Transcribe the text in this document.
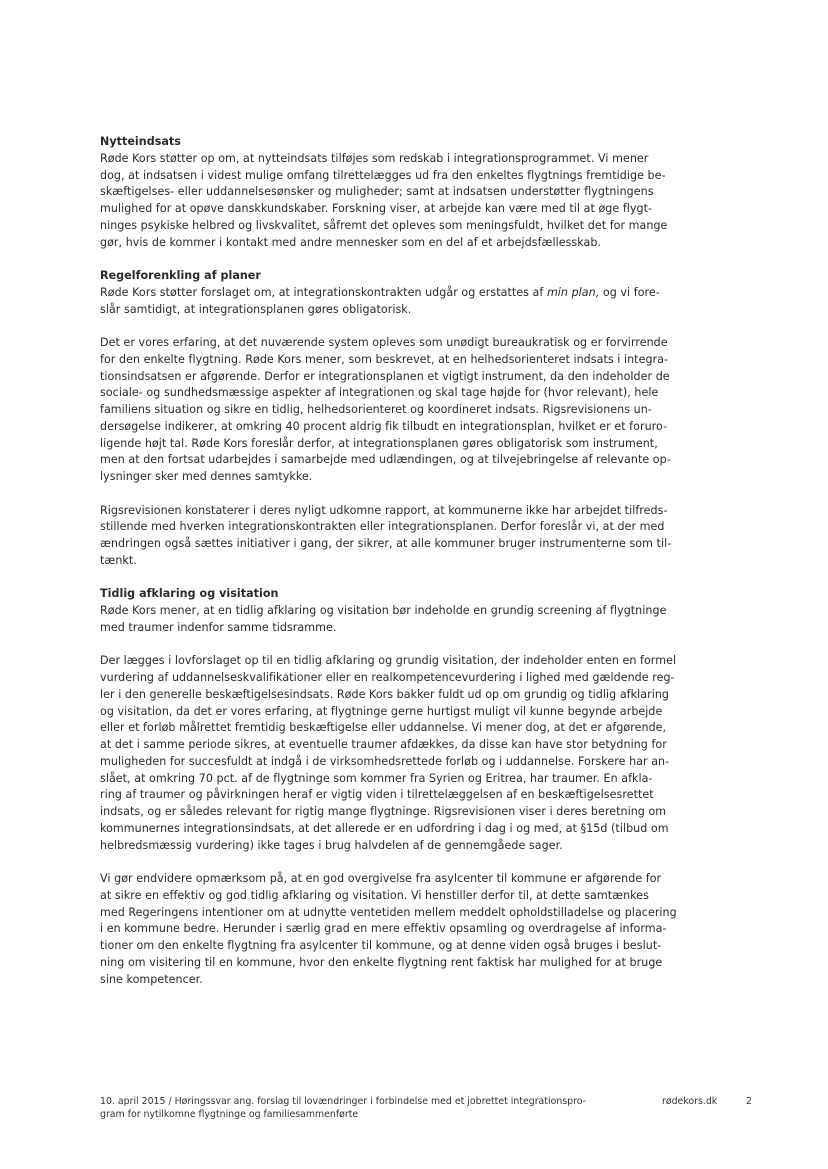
Nytteindsats
Røde Kors støtter op om, at nytteindsats tilføjes som redskab i integrationsprogrammet. Vi mener
dog, at indsatsen i videst mulige omfang tilrettelægges ud fra den enkeltes flygtnings fremtidige be-
skæftigelses- eller uddannelsesønsker og muligheder; samt at indsatsen understøtter flygtningens
mulighed for at opøve danskkundskaber. Forskning viser, at arbejde kan være med til at øge flygt-
ninges psykiske helbred og livskvalitet, såfremt det opleves som meningsfuldt, hvilket det for mange
gør, hvis de kommer i kontakt med andre mennesker som en del af et arbejdsfællesskab.
Regelforenkling af planer
Røde Kors støtter forslaget om, at integrationskontrakten udgår og erstattes af min plan, og vi fore-
slår samtidigt, at integrationsplanen gøres obligatorisk.
Det er vores erfaring, at det nuværende system opleves som unødigt bureaukratisk og er forvirrende
for den enkelte flygtning. Røde Kors mener, som beskrevet, at en helhedsorienteret indsats i integra-
tionsindsatsen er afgørende. Derfor er integrationsplanen et vigtigt instrument, da den indeholder de
sociale- og sundhedsmæssige aspekter af integrationen og skal tage højde for (hvor relevant), hele
familiens situation og sikre en tidlig, helhedsorienteret og koordineret indsats. Rigsrevisionens un-
dersøgelse indikerer, at omkring 40 procent aldrig fik tilbudt en integrationsplan, hvilket er et foruro-
ligende højt tal. Røde Kors foreslår derfor, at integrationsplanen gøres obligatorisk som instrument,
men at den fortsat udarbejdes i samarbejde med udlændingen, og at tilvejebringelse af relevante op-
lysninger sker med dennes samtykke.
Rigsrevisionen konstaterer i deres nyligt udkomne rapport, at kommunerne ikke har arbejdet tilfreds-
stillende med hverken integrationskontrakten eller integrationsplanen. Derfor foreslår vi, at der med
ændringen også sættes initiativer i gang, der sikrer, at alle kommuner bruger instrumenterne som til-
tænkt.
Tidlig afklaring og visitation
Røde Kors mener, at en tidlig afklaring og visitation bør indeholde en grundig screening af flygtninge
med traumer indenfor samme tidsramme.
Der lægges i lovforslaget op til en tidlig afklaring og grundig visitation, der indeholder enten en formel
vurdering af uddannelseskvalifikationer eller en realkompetencevurdering i lighed med gældende reg-
ler i den generelle beskæftigelsesindsats. Røde Kors bakker fuldt ud op om grundig og tidlig afklaring
og visitation, da det er vores erfaring, at flygtninge gerne hurtigst muligt vil kunne begynde arbejde
eller et forløb målrettet fremtidig beskæftigelse eller uddannelse. Vi mener dog, at det er afgørende,
at det i samme periode sikres, at eventuelle traumer afdækkes, da disse kan have stor betydning for
muligheden for succesfuldt at indgå i de virksomhedsrettede forløb og i uddannelse. Forskere har an-
slået, at omkring 70 pct. af de flygtninge som kommer fra Syrien og Eritrea, har traumer. En afkla-
ring af traumer og påvirkningen heraf er vigtig viden i tilrettelæggelsen af en beskæftigelsesrettet
indsats, og er således relevant for rigtig mange flygtninge. Rigsrevisionen viser i deres beretning om
kommunernes integrationsindsats, at det allerede er en udfordring i dag i og med, at §15d (tilbud om
helbredsmæssig vurdering) ikke tages i brug halvdelen af de gennemgåede sager.
Vi gør endvidere opmærksom på, at en god overgivelse fra asylcenter til kommune er afgørende for
at sikre en effektiv og god tidlig afklaring og visitation. Vi henstiller derfor til, at dette samtænkes
med Regeringens intentioner om at udnytte ventetiden mellem meddelt opholdstilladelse og placering
i en kommune bedre. Herunder i særlig grad en mere effektiv opsamling og overdragelse af informa-
tioner om den enkelte flygtning fra asylcenter til kommune, og at denne viden også bruges i beslut-
ning om visitering til en kommune, hvor den enkelte flygtning rent faktisk har mulighed for at bruge
sine kompetencer.
10. april 2015 / Høringssvar ang. forslag til lovændringer i forbindelse med et jobrettet integrationspro-
gram for nytilkomne flygtninge og familiesammenførte
rødekors.dk	2
